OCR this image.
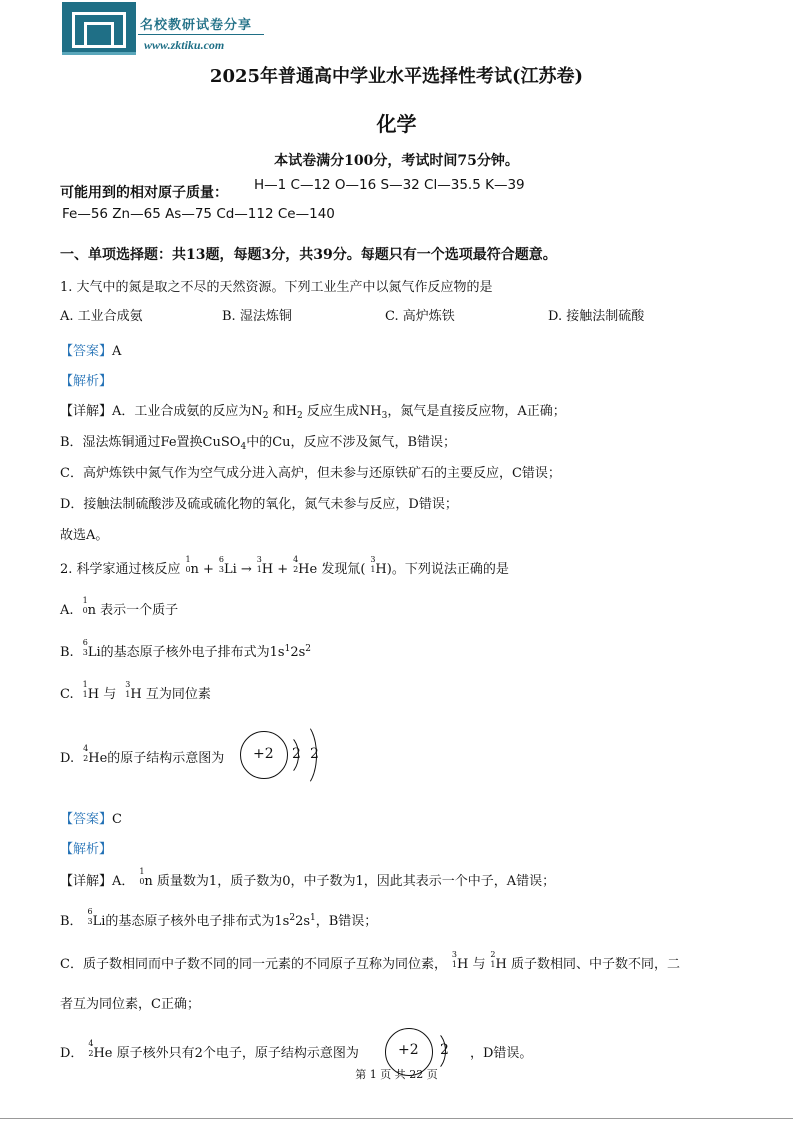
名校教研试卷分享
www.zktiku.com
2025年普通高中学业水平选择性考试(江苏卷)
化学
本试卷满分100分，考试时间75分钟。
可能用到的相对原子质量： H—1 C—12 O—16 S—32 Cl—35.5 K—39
Fe—56 Zn—65 As—75 Cd—112 Ce—140
一、单项选择题：共13题，每题3分，共39分。每题只有一个选项最符合题意。
1. 大气中的氮是取之不尽的天然资源。下列工业生产中以氮气作反应物的是
A. 工业合成氨	B. 湿法炼铜	C. 高炉炼铁	D. 接触法制硫酸
【答案】A
【解析】
【详解】A．工业合成氨的反应为$N_2$ 和$H_2$ 反应生成$NH_3$，氮气是直接反应物，A正确；
B．湿法炼铜通过Fe置换CuSO$_4$中的Cu，反应不涉及氮气，B错误；
C．高炉炼铁中氮气作为空气成分进入高炉，但未参与还原铁矿石的主要反应，C错误；
D．接触法制硫酸涉及硫或硫化物的氧化，氮气未参与反应，D错误；
故选A。
2. 科学家通过核反应
1
0 n +
6
3 Li →
3
1 H +
4
2 He 发现氚(
3
1 H)。下列说法正确的是
A.
1
0 n 表示一个质子
B.
6
3 Li的基态原子核外电子排布式为$1s^12s^2$
C.
1
1 H 与
3
1 H 互为同位素
D.
4
2 He的原子结构示意图为 +2 2 2
【答案】C
【解析】
【详解】A．
1
0 n 质量数为1，质子数为0，中子数为1，因此其表示一个中子，A错误；
B．
6
3 Li的基态原子核外电子排布式为$1s^22s^1$，B错误；
C．质子数相同而中子数不同的同一元素的不同原子互称为同位素，
3
1 H 与
2
1 H 质子数相同、中子数不同，二
者互为同位素，C正确；
D．
4
2 He 原子核外只有2个电子，原子结构示意图为	+2 2 ，D错误。
第 1 页 共 22 页
